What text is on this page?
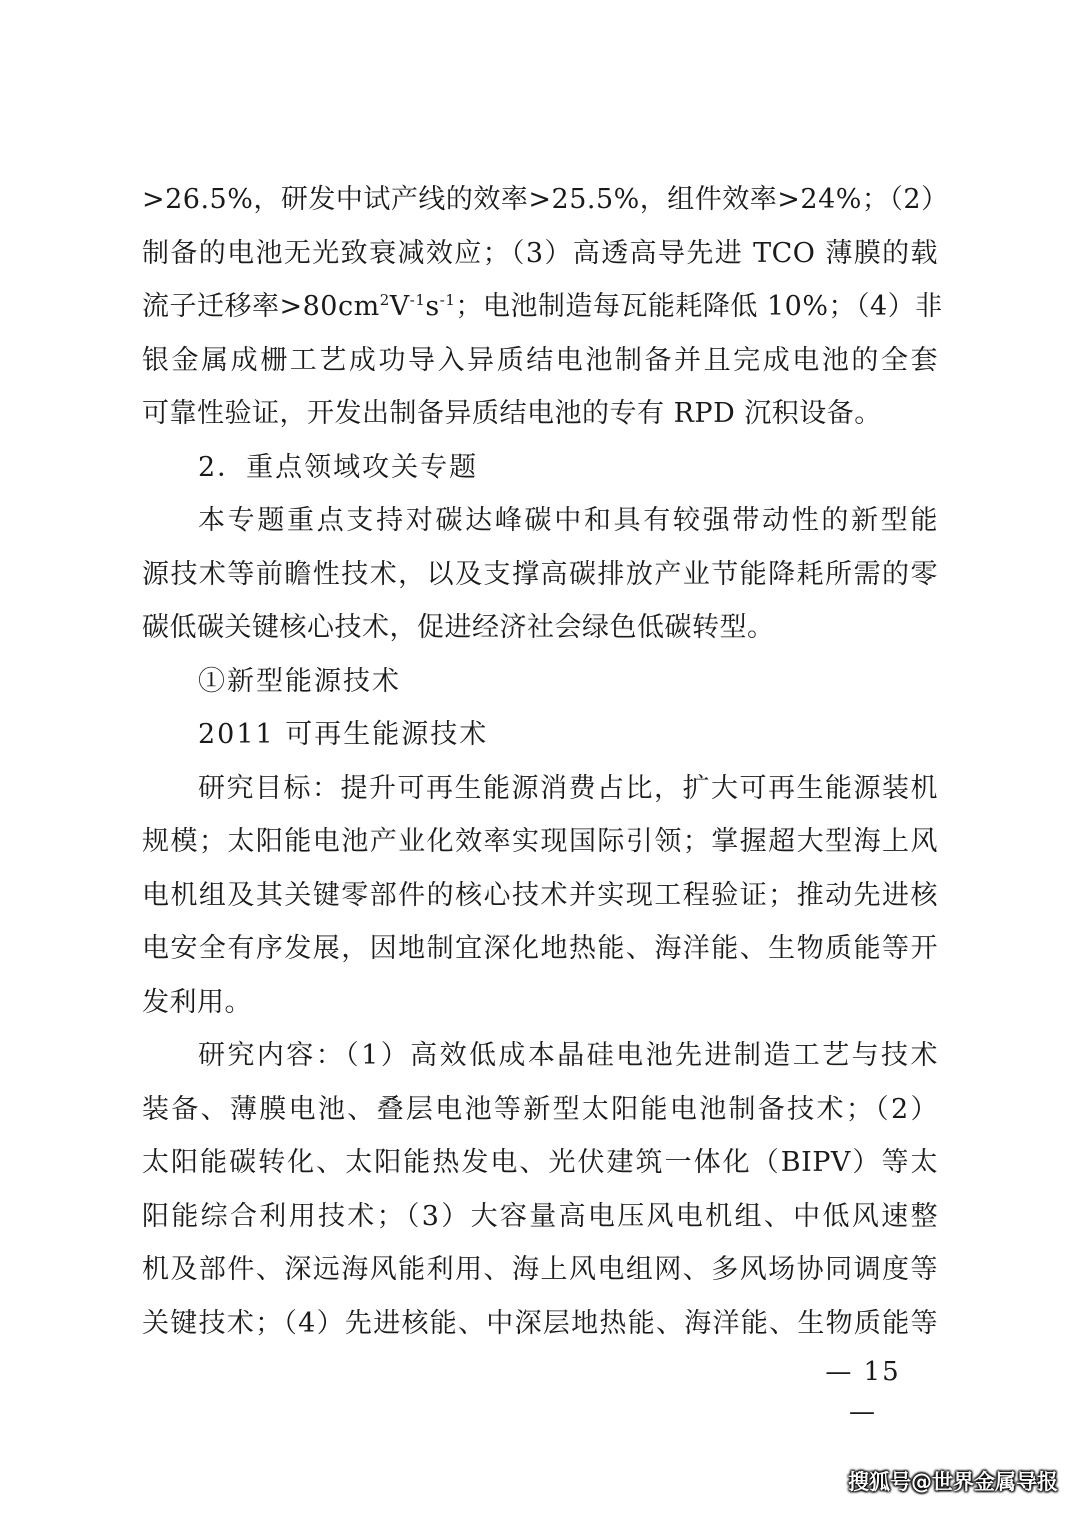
>26.5%，研发中试产线的效率>25.5%，组件效率>24%；（2）
制备的电池无光致衰减效应；（3）高透高导先进 TCO 薄膜的载
流子迁移率$>80cm^2V^{-1}s^{-1}$；电池制造每瓦能耗降低 10%；（4）非
银金属成栅工艺成功导入异质结电池制备并且完成电池的全套
可靠性验证，开发出制备异质结电池的专有 RPD 沉积设备。
2．重点领域攻关专题
本专题重点支持对碳达峰碳中和具有较强带动性的新型能
源技术等前瞻性技术，以及支撑高碳排放产业节能降耗所需的零
碳低碳关键核心技术，促进经济社会绿色低碳转型。
①新型能源技术
2011 可再生能源技术
研究目标：提升可再生能源消费占比，扩大可再生能源装机
规模；太阳能电池产业化效率实现国际引领；掌握超大型海上风
电机组及其关键零部件的核心技术并实现工程验证；推动先进核
电安全有序发展，因地制宜深化地热能、海洋能、生物质能等开
发利用。
研究内容：（1）高效低成本晶硅电池先进制造工艺与技术
装备、薄膜电池、叠层电池等新型太阳能电池制备技术；（2）
太阳能碳转化、太阳能热发电、光伏建筑一体化（BIPV）等太
阳能综合利用技术；（3）大容量高电压风电机组、中低风速整
机及部件、深远海风能利用、海上风电组网、多风场协同调度等
关键技术；（4）先进核能、中深层地热能、海洋能、生物质能等
— 15 —
搜狐号@世界金属导报
